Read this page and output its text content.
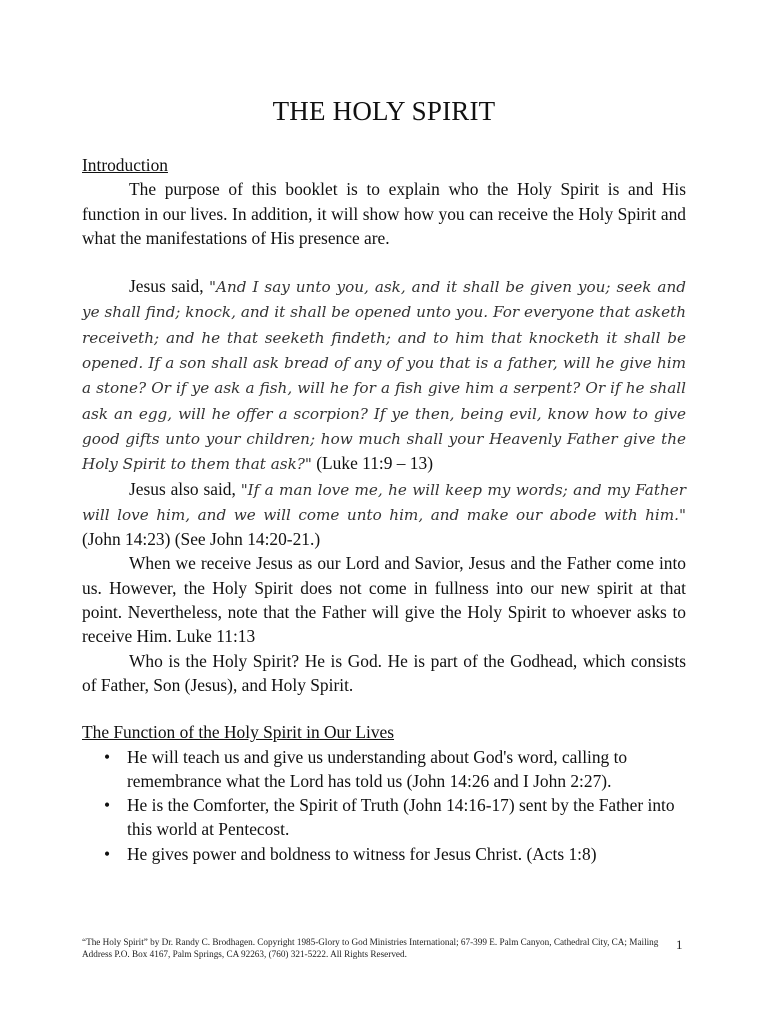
THE HOLY SPIRIT

Introduction

The purpose of this booklet is to explain who the Holy Spirit is and His function in our lives. In addition, it will show how you can receive the Holy Spirit and what the manifestations of His presence are.

Jesus said, "And I say unto you, ask, and it shall be given you; seek and ye shall find; knock, and it shall be opened unto you. For everyone that asketh receiveth; and he that seeketh findeth; and to him that knocketh it shall be opened. If a son shall ask bread of any of you that is a father, will he give him a stone? Or if ye ask a fish, will he for a fish give him a serpent? Or if he shall ask an egg, will he offer a scorpion? If ye then, being evil, know how to give good gifts unto your children; how much shall your Heavenly Father give the Holy Spirit to them that ask?" (Luke 11:9 – 13)

Jesus also said, "If a man love me, he will keep my words; and my Father will love him, and we will come unto him, and make our abode with him." (John 14:23) (See John 14:20-21.)

When we receive Jesus as our Lord and Savior, Jesus and the Father come into us. However, the Holy Spirit does not come in fullness into our new spirit at that point. Nevertheless, note that the Father will give the Holy Spirit to whoever asks to receive Him. Luke 11:13

Who is the Holy Spirit? He is God. He is part of the Godhead, which consists of Father, Son (Jesus), and Holy Spirit.

The Function of the Holy Spirit in Our Lives

• He will teach us and give us understanding about God's word, calling to remembrance what the Lord has told us (John 14:26 and I John 2:27).
• He is the Comforter, the Spirit of Truth (John 14:16-17) sent by the Father into this world at Pentecost.
• He gives power and boldness to witness for Jesus Christ. (Acts 1:8)
“The Holy Spirit” by Dr. Randy C. Brodhagen. Copyright 1985-Glory to God Ministries International; 67-399 E. Palm Canyon, Cathedral City, CA; Mailing Address P.O. Box 4167, Palm Springs, CA 92263, (760) 321-5222. All Rights Reserved.
1
